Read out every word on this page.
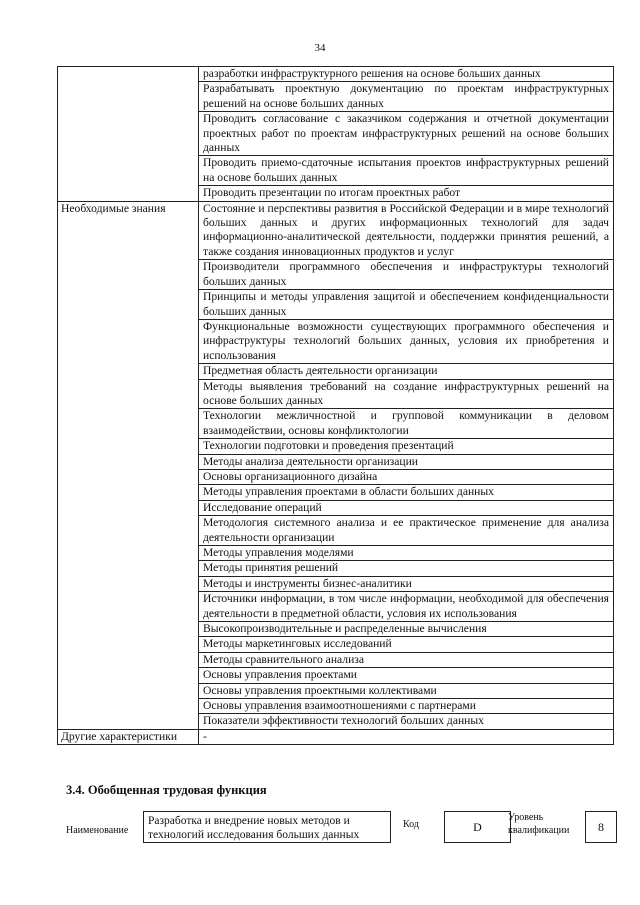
34
	разработки инфраструктурного решения на основе больших данных
	Разрабатывать проектную документацию по проектам инфраструктурных решений на основе больших данных
	Проводить согласование с заказчиком содержания и отчетной документации проектных работ по проектам инфраструктурных решений на основе больших данных
	Проводить приемо-сдаточные испытания проектов инфраструктурных решений на основе больших данных
	Проводить презентации по итогам проектных работ
Необходимые знания	Состояние и перспективы развития в Российской Федерации и в мире технологий больших данных и других информационных технологий для задач информационно-аналитической деятельности, поддержки принятия решений, а также создания инновационных продуктов и услуг
	Производители программного обеспечения и инфраструктуры технологий больших данных
	Принципы и методы управления защитой и обеспечением конфиденциальности больших данных
	Функциональные возможности существующих программного обеспечения и инфраструктуры технологий больших данных, условия их приобретения и использования
	Предметная область деятельности организации
	Методы выявления требований на создание инфраструктурных решений на основе больших данных
	Технологии межличностной и групповой коммуникации в деловом взаимодействии, основы конфликтологии
	Технологии подготовки и проведения презентаций
	Методы анализа деятельности организации
	Основы организационного дизайна
	Методы управления проектами в области больших данных
	Исследование операций
	Методология системного анализа и ее практическое применение для анализа деятельности организации
	Методы управления моделями
	Методы принятия решений
	Методы и инструменты бизнес-аналитики
	Источники информации, в том числе информации, необходимой для обеспечения деятельности в предметной области, условия их использования
	Высокопроизводительные и распределенные вычисления
	Методы маркетинговых исследований
	Методы сравнительного анализа
	Основы управления проектами
	Основы управления проектными коллективами
	Основы управления взаимоотношениями с партнерами
	Показатели эффективности технологий больших данных
Другие характеристики	-
3.4. Обобщенная трудовая функция
Наименование
Разработка и внедрение новых методов и технологий исследования больших данных
Код	D
Уровень квалификации	8
